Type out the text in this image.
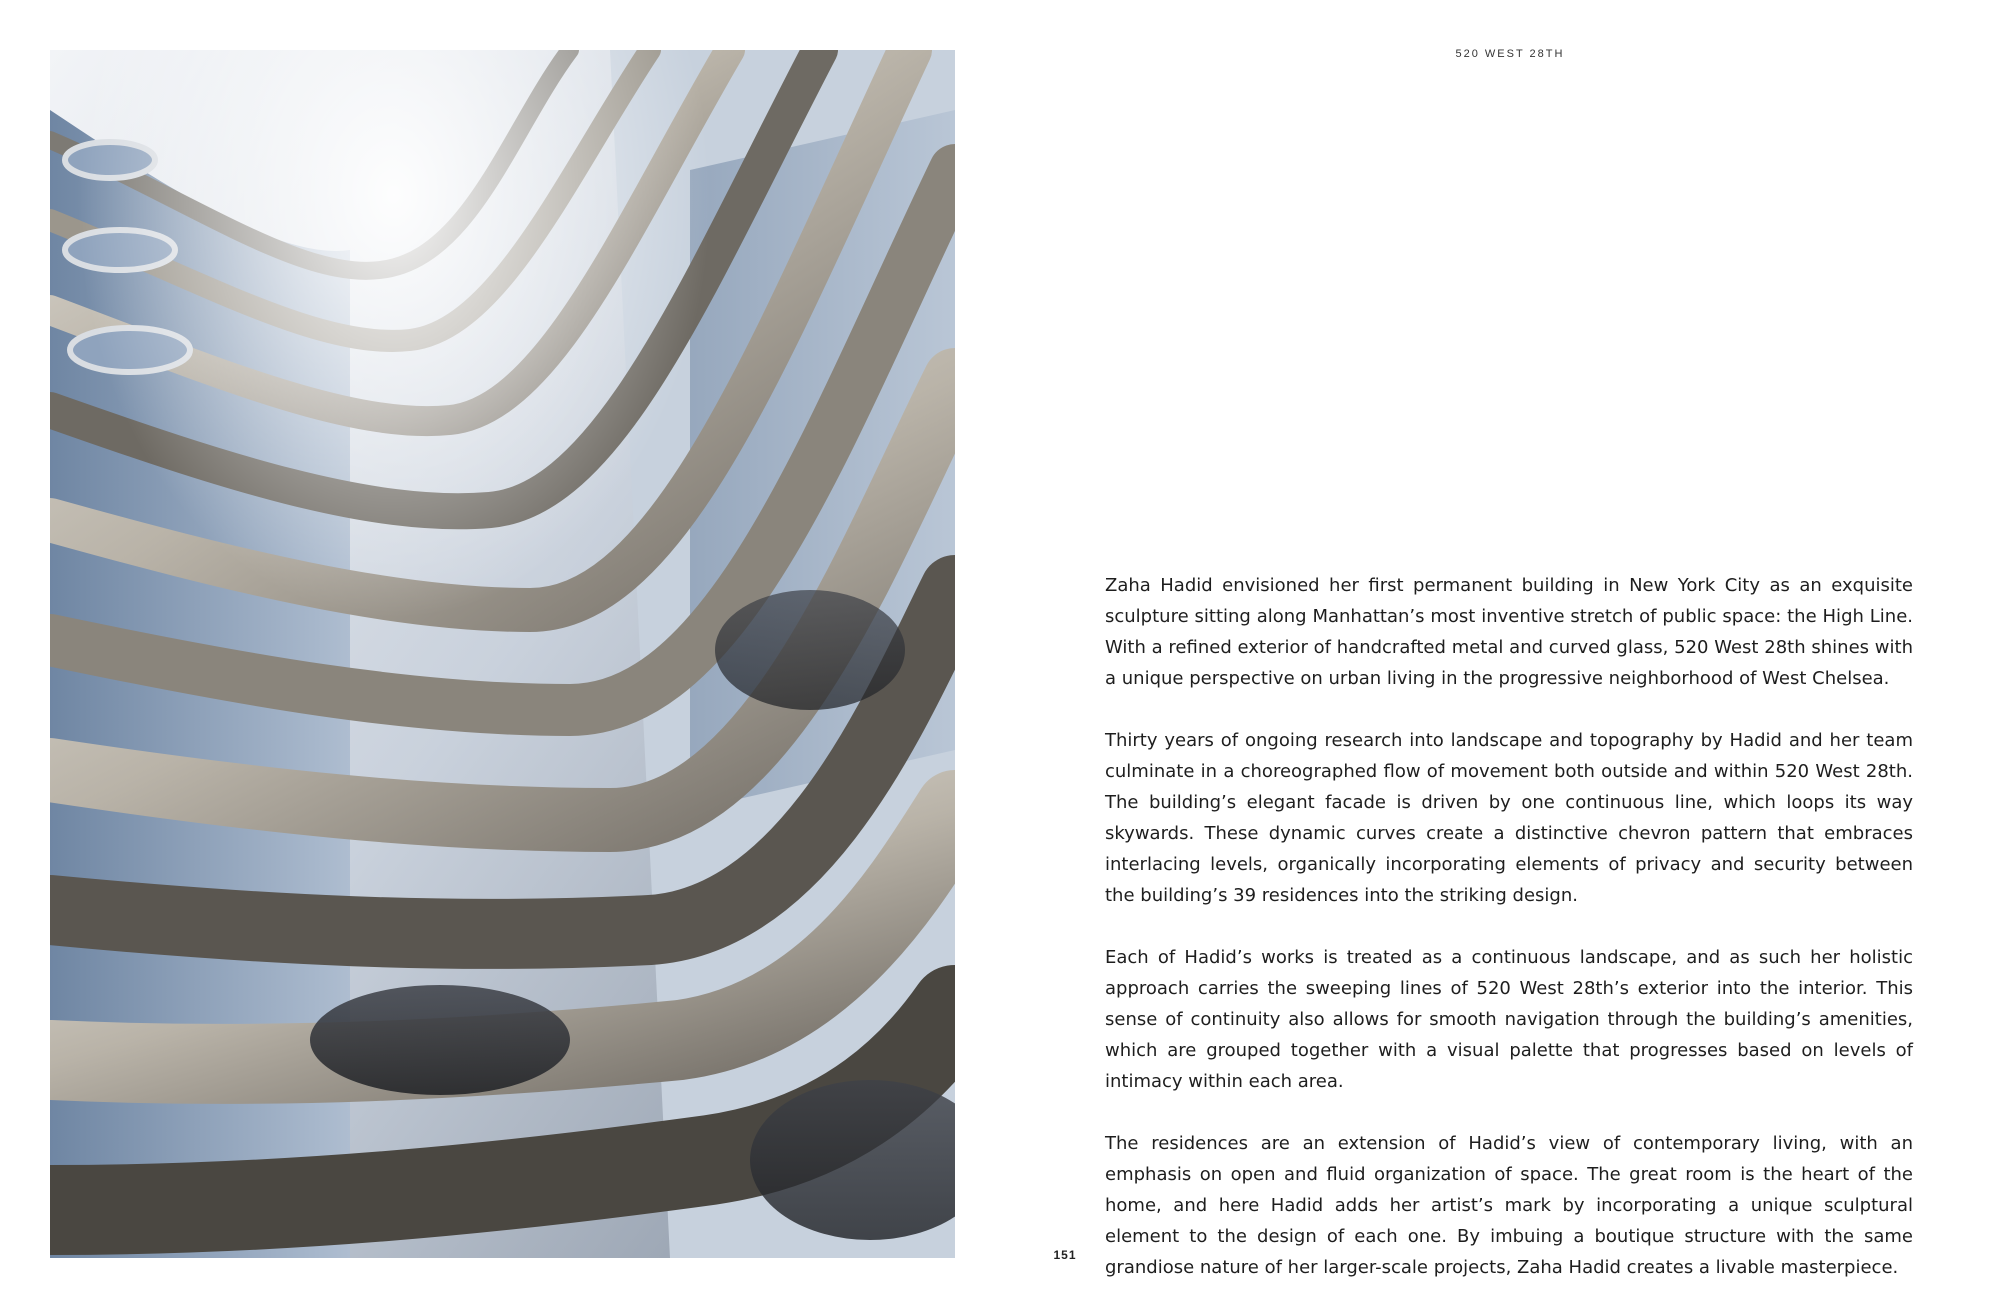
520 WEST 28TH

Zaha Hadid envisioned her first permanent building in New York City as an exquisite sculpture sitting along Manhattan’s most inventive stretch of public space: the High Line. With a refined exterior of handcrafted metal and curved glass, 520 West 28th shines with a unique perspective on urban living in the progressive neighborhood of West Chelsea.

Thirty years of ongoing research into landscape and topography by Hadid and her team culminate in a choreographed flow of movement both outside and within 520 West 28th. The building’s elegant facade is driven by one continuous line, which loops its way skywards. These dynamic curves create a distinctive chevron pattern that embraces interlacing levels, organically incorporating elements of privacy and security between the building’s 39 residences into the striking design.

Each of Hadid’s works is treated as a continuous landscape, and as such her holistic approach carries the sweeping lines of 520 West 28th’s exterior into the interior. This sense of continuity also allows for smooth navigation through the building’s amenities, which are grouped together with a visual palette that progresses based on levels of intimacy within each area.

The residences are an extension of Hadid’s view of contemporary living, with an emphasis on open and fluid organization of space. The great room is the heart of the home, and here Hadid adds her artist’s mark by incorporating a unique sculptural element to the design of each one. By imbuing a boutique structure with the same grandiose nature of her larger-scale projects, Zaha Hadid creates a livable masterpiece.

151
